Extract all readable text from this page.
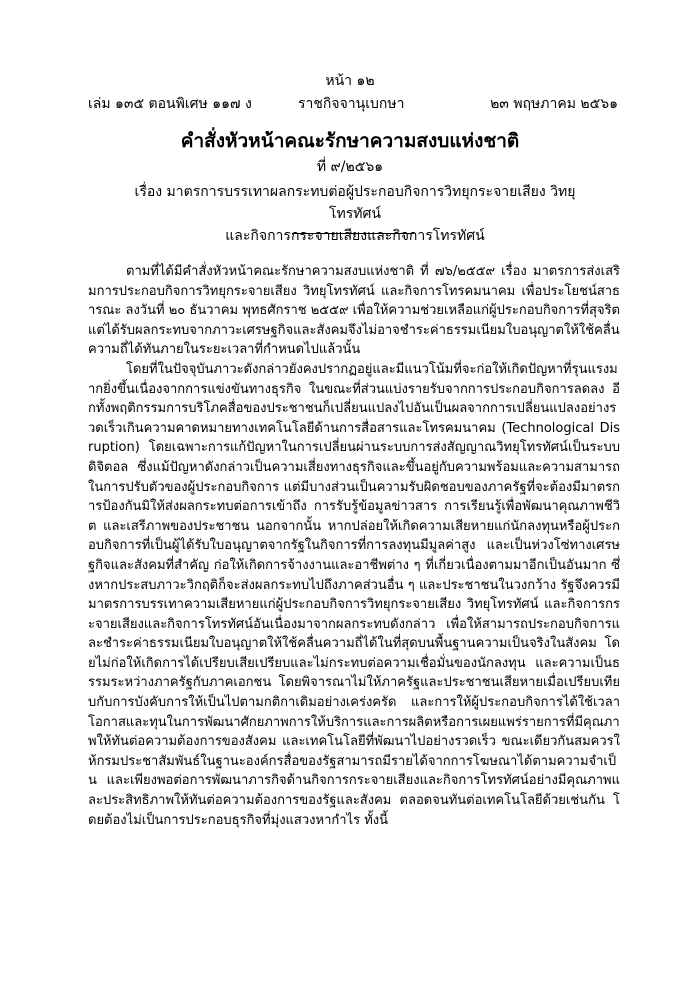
หน้า ๑๒
เล่ม ๑๓๕ ตอนพิเศษ ๑๑๗ ง	ราชกิจจานุเบกษา	๒๓ พฤษภาคม ๒๕๖๑
คำสั่งหัวหน้าคณะรักษาความสงบแห่งชาติ
ที่ ๙/๒๕๖๑
เรื่อง มาตรการบรรเทาผลกระทบต่อผู้ประกอบกิจการวิทยุกระจายเสียง วิทยุโทรทัศน์
และกิจการกระจายเสียงและกิจการโทรทัศน์

ตามที่ได้มีคำสั่งหัวหน้าคณะรักษาความสงบแห่งชาติ ที่ ๗๖/๒๕๕๙ เรื่อง มาตรการส่งเสริมการประกอบกิจการวิทยุกระจายเสียง วิทยุโทรทัศน์ และกิจการโทรคมนาคม เพื่อประโยชน์สาธารณะ ลงวันที่ ๒๐ ธันวาคม พุทธศักราช ๒๕๕๙ เพื่อให้ความช่วยเหลือแก่ผู้ประกอบกิจการที่สุจริตแต่ได้รับผลกระทบจากภาวะเศรษฐกิจและสังคมจึงไม่อาจชำระค่าธรรมเนียมใบอนุญาตให้ใช้คลื่นความถี่ได้ทันภายในระยะเวลาที่กำหนดไปแล้วนั้น

โดยที่ในปัจจุบันภาวะดังกล่าวยังคงปรากฏอยู่และมีแนวโน้มที่จะก่อให้เกิดปัญหาที่รุนแรงมากยิ่งขึ้นเนื่องจากการแข่งขันทางธุรกิจ ในขณะที่ส่วนแบ่งรายรับจากการประกอบกิจการลดลง อีกทั้งพฤติกรรมการบริโภคสื่อของประชาชนก็เปลี่ยนแปลงไปอันเป็นผลจากการเปลี่ยนแปลงอย่างรวดเร็วเกินความคาดหมายทางเทคโนโลยีด้านการสื่อสารและโทรคมนาคม (Technological Disruption) โดยเฉพาะการแก้ปัญหาในการเปลี่ยนผ่านระบบการส่งสัญญาณวิทยุโทรทัศน์เป็นระบบดิจิตอล ซึ่งแม้ปัญหาดังกล่าวเป็นความเสี่ยงทางธุรกิจและขึ้นอยู่กับความพร้อมและความสามารถในการปรับตัวของผู้ประกอบกิจการ แต่มีบางส่วนเป็นความรับผิดชอบของภาครัฐที่จะต้องมีมาตรการป้องกันมิให้ส่งผลกระทบต่อการเข้าถึง การรับรู้ข้อมูลข่าวสาร การเรียนรู้เพื่อพัฒนาคุณภาพชีวิต และเสรีภาพของประชาชน นอกจากนั้น หากปล่อยให้เกิดความเสียหายแก่นักลงทุนหรือผู้ประกอบกิจการที่เป็นผู้ได้รับใบอนุญาตจากรัฐในกิจการที่การลงทุนมีมูลค่าสูง และเป็นห่วงโซ่ทางเศรษฐกิจและสังคมที่สำคัญ ก่อให้เกิดการจ้างงานและอาชีพต่าง ๆ ที่เกี่ยวเนื่องตามมาอีกเป็นอันมาก ซึ่งหากประสบภาวะวิกฤติก็จะส่งผลกระทบไปถึงภาคส่วนอื่น ๆ และประชาชนในวงกว้าง รัฐจึงควรมีมาตรการบรรเทาความเสียหายแก่ผู้ประกอบกิจการวิทยุกระจายเสียง วิทยุโทรทัศน์ และกิจการกระจายเสียงและกิจการโทรทัศน์อันเนื่องมาจากผลกระทบดังกล่าว เพื่อให้สามารถประกอบกิจการและชำระค่าธรรมเนียมใบอนุญาตให้ใช้คลื่นความถี่ได้ในที่สุดบนพื้นฐานความเป็นจริงในสังคม โดยไม่ก่อให้เกิดการได้เปรียบเสียเปรียบและไม่กระทบต่อความเชื่อมั่นของนักลงทุน และความเป็นธรรมระหว่างภาครัฐกับภาคเอกชน โดยพิจารณาไม่ให้ภาครัฐและประชาชนเสียหายเมื่อเปรียบเทียบกับการบังคับการให้เป็นไปตามกติกาเดิมอย่างเคร่งครัด และการให้ผู้ประกอบกิจการได้ใช้เวลา โอกาสและทุนในการพัฒนาศักยภาพการให้บริการและการผลิตหรือการเผยแพร่รายการที่มีคุณภาพให้ทันต่อความต้องการของสังคม และเทคโนโลยีที่พัฒนาไปอย่างรวดเร็ว ขณะเดียวกันสมควรให้กรมประชาสัมพันธ์ในฐานะองค์กรสื่อของรัฐสามารถมีรายได้จากการโฆษณาได้ตามความจำเป็น และเพียงพอต่อการพัฒนาภารกิจด้านกิจการกระจายเสียงและกิจการโทรทัศน์อย่างมีคุณภาพและประสิทธิภาพให้ทันต่อความต้องการของรัฐและสังคม ตลอดจนทันต่อเทคโนโลยีด้วยเช่นกัน โดยต้องไม่เป็นการประกอบธุรกิจที่มุ่งแสวงหากำไร ทั้งนี้
